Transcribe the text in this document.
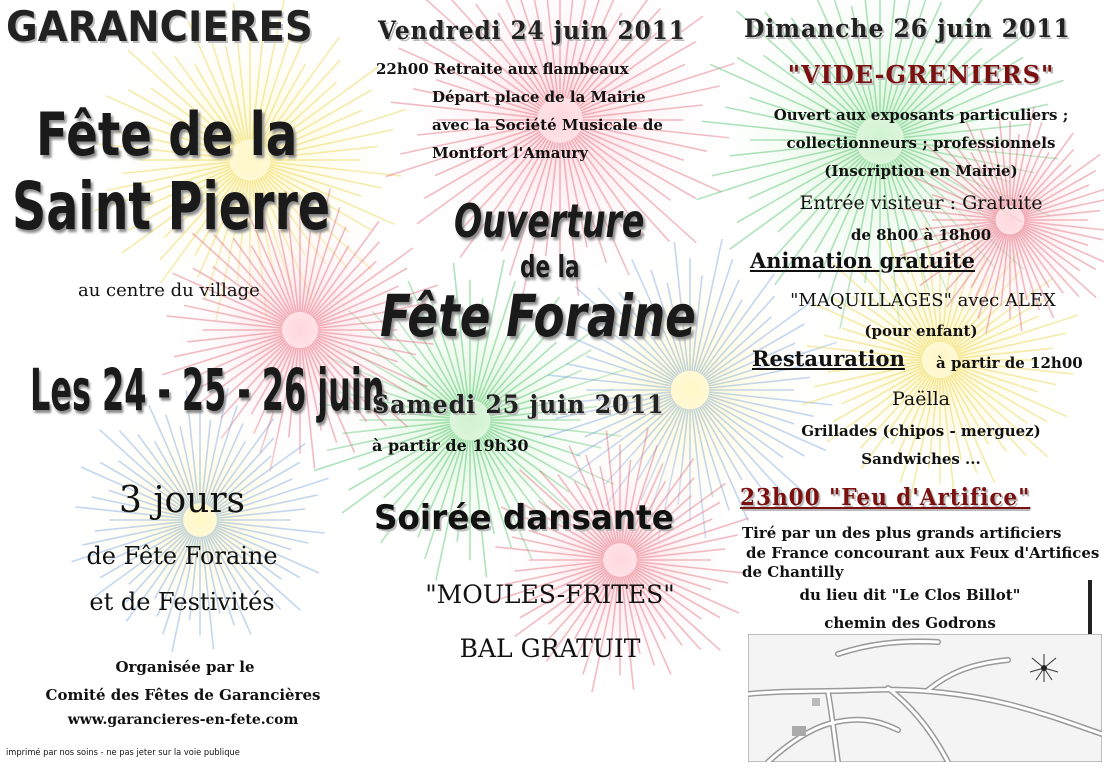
GARANCIERES	Vendredi 24 juin 2011 Dimanche 26 juin 2011
Fête de la
Saint Pierre
au centre du village
Les 24 - 25 - 26 juin
3 jours
de Fête Foraine
et de Festivités
Organisée par le
Comité des Fêtes de Garancières
www.garancieres-en-fete.com
imprimé par nos soins - ne pas jeter sur la voie publique
22h00 Retraite aux flambeaux
Départ place de la Mairie
avec la Société Musicale de
Montfort l'Amaury
Ouverture
de la
Fête Foraine
Samedi 25 juin 2011
à partir de 19h30
Soirée dansante
"MOULES-FRITES"
BAL GRATUIT
"VIDE-GRENIERS"
Ouvert aux exposants particuliers ;
collectionneurs ; professionnels
(Inscription en Mairie)
Entrée visiteur : Gratuite
de 8h00 à 18h00
Animation gratuite
"MAQUILLAGES" avec ALEX
(pour enfant)
Restauration à partir de 12h00
Paëlla
Grillades (chipos - merguez)
Sandwiches ...
23h00 "Feu d'Artifice"
Tiré par un des plus grands artificiers
de France concourant aux Feux d'Artifices
de Chantilly
du lieu dit "Le Clos Billot"
chemin des Godrons
